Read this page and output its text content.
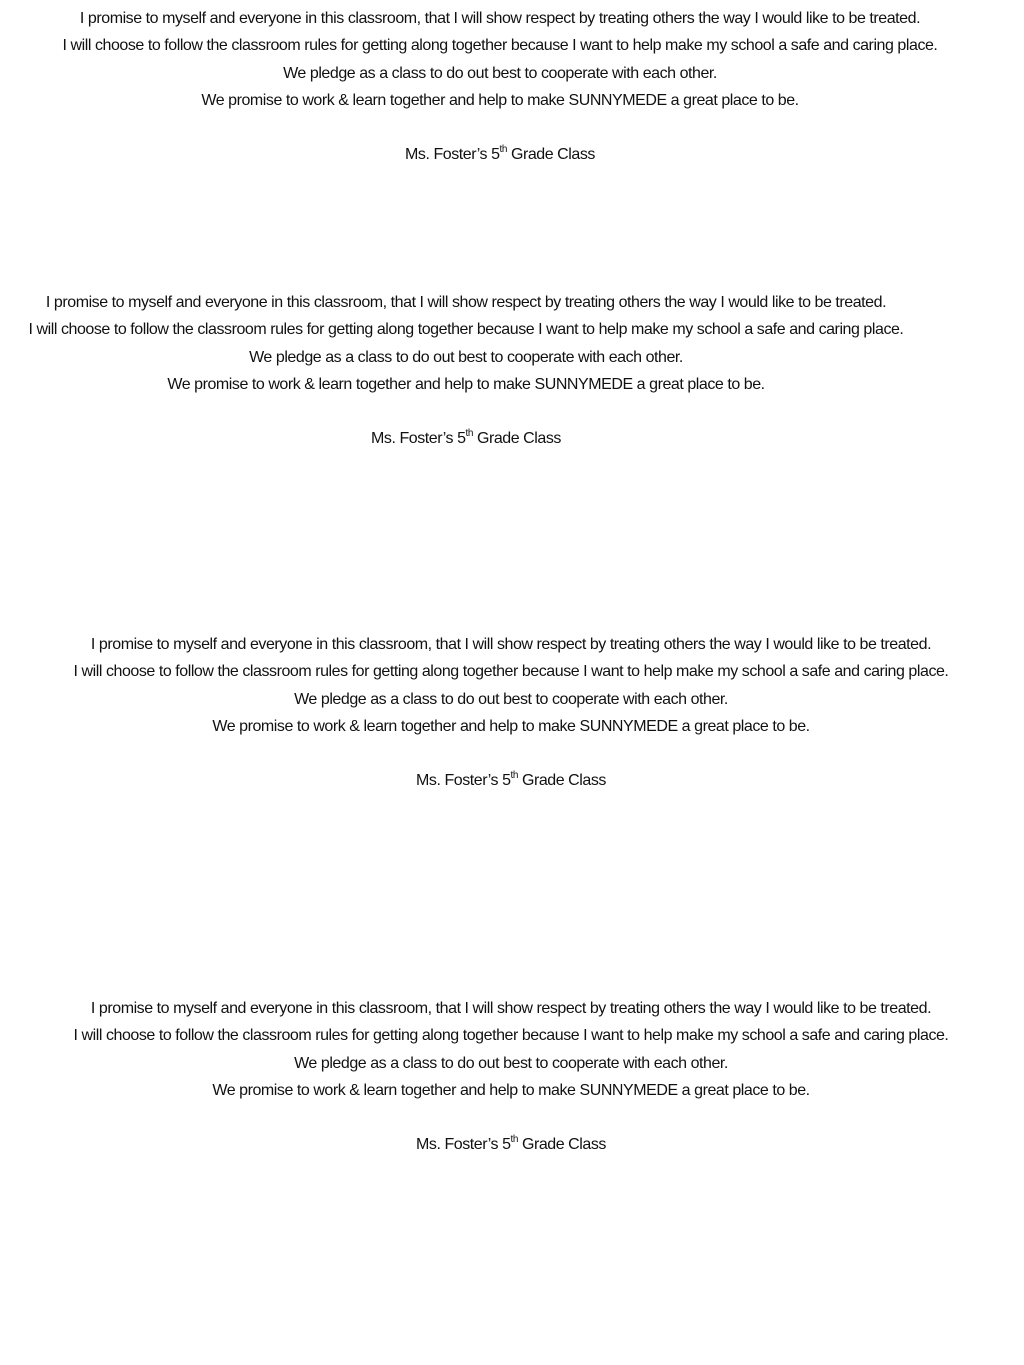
I promise to myself and everyone in this classroom, that I will show respect by treating others the way I would like to be treated.

I will choose to follow the classroom rules for getting along together because I want to help make my school a safe and caring place.

We pledge as a class to do out best to cooperate with each other.

We promise to work & learn together and help to make SUNNYMEDE a great place to be.

Ms. Foster’s 5th Grade Class

I promise to myself and everyone in this classroom, that I will show respect by treating others the way I would like to be treated.

I will choose to follow the classroom rules for getting along together because I want to help make my school a safe and caring place.

We pledge as a class to do out best to cooperate with each other.

We promise to work & learn together and help to make SUNNYMEDE a great place to be.

Ms. Foster’s 5th Grade Class

I promise to myself and everyone in this classroom, that I will show respect by treating others the way I would like to be treated.

I will choose to follow the classroom rules for getting along together because I want to help make my school a safe and caring place.

We pledge as a class to do out best to cooperate with each other.

We promise to work & learn together and help to make SUNNYMEDE a great place to be.

Ms. Foster’s 5th Grade Class

I promise to myself and everyone in this classroom, that I will show respect by treating others the way I would like to be treated.

I will choose to follow the classroom rules for getting along together because I want to help make my school a safe and caring place.

We pledge as a class to do out best to cooperate with each other.

We promise to work & learn together and help to make SUNNYMEDE a great place to be.

Ms. Foster’s 5th Grade Class
